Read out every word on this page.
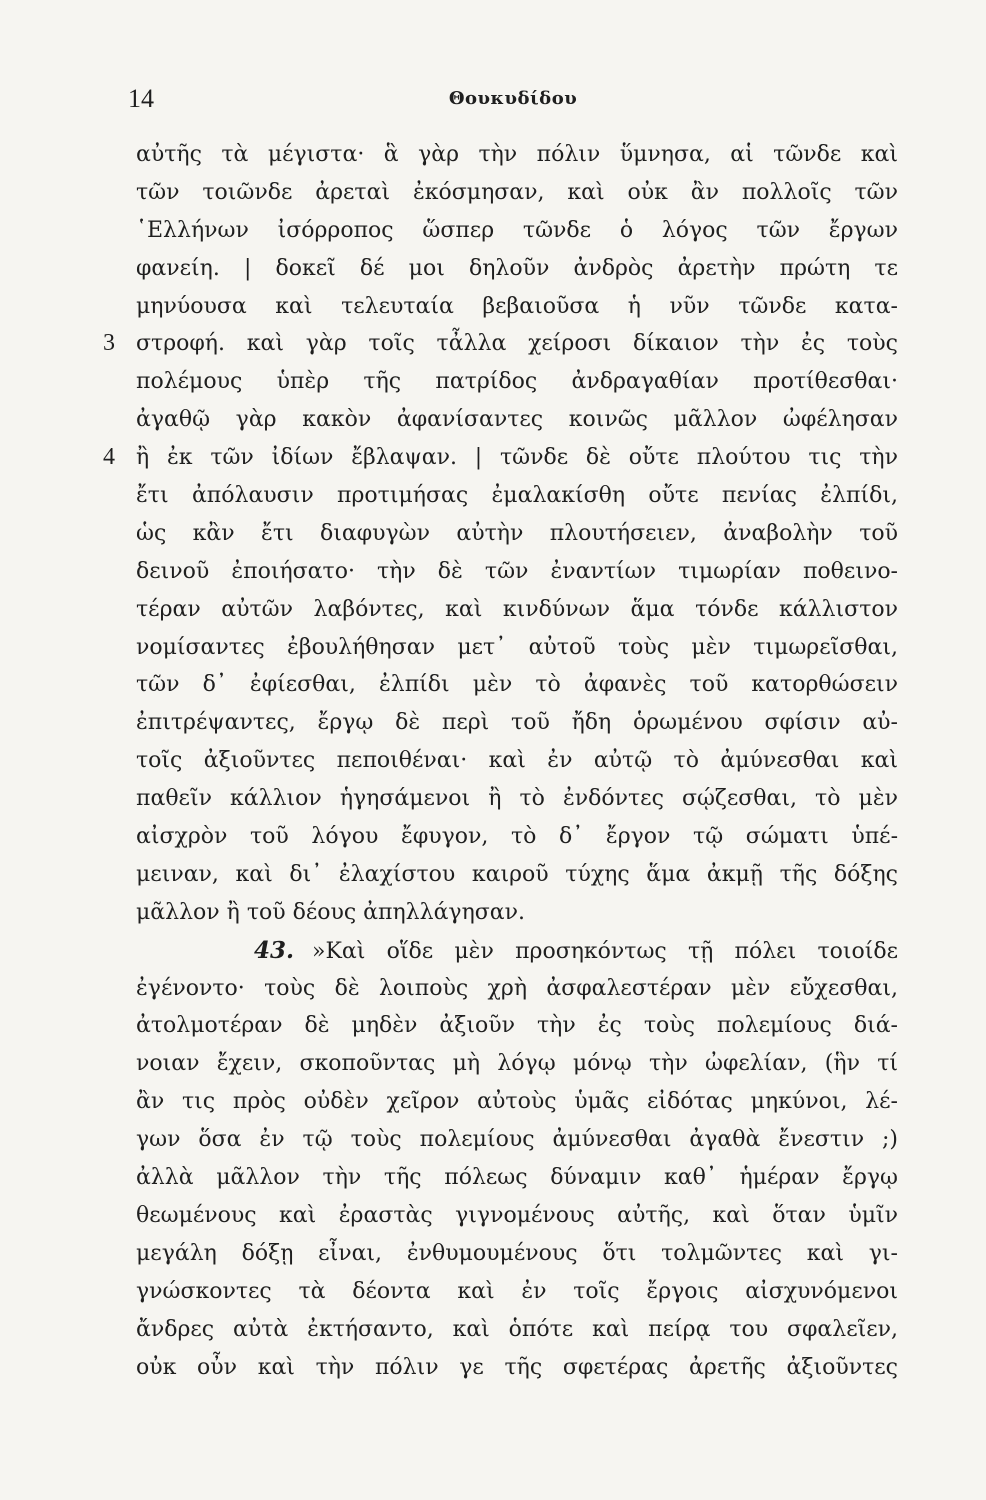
14	Θουκυδίδου
αὐτῆς τὰ μέγιστα· ἃ γὰρ τὴν πόλιν ὕμνησα, αἱ τῶνδε καὶ
τῶν τοιῶνδε ἀρεταὶ ἐκόσμησαν, καὶ οὐκ ἂν πολλοῖς τῶν
῾Ελλήνων ἰσόρροπος ὥσπερ τῶνδε ὁ λόγος τῶν ἔργων
φανείη. | δοκεῖ δέ μοι δηλοῦν ἀνδρὸς ἀρετὴν πρώτη τε
μηνύουσα καὶ τελευταία βεβαιοῦσα ἡ νῦν τῶνδε κατα-
3 στροφή. καὶ γὰρ τοῖς τἆλλα χείροσι δίκαιον τὴν ἐς τοὺς
πολέμους ὑπὲρ τῆς πατρίδος ἀνδραγαθίαν προτίθεσθαι·
ἀγαθῷ γὰρ κακὸν ἀφανίσαντες κοινῶς μᾶλλον ὠφέλησαν
4 ἢ ἐκ τῶν ἰδίων ἔβλαψαν. | τῶνδε δὲ οὔτε πλούτου τις τὴν
ἔτι ἀπόλαυσιν προτιμήσας ἐμαλακίσθη οὔτε πενίας ἐλπίδι,
ὡς κἂν ἔτι διαφυγὼν αὐτὴν πλουτήσειεν, ἀναβολὴν τοῦ
δεινοῦ ἐποιήσατο· τὴν δὲ τῶν ἐναντίων τιμωρίαν ποθεινο-
τέραν αὐτῶν λαβόντες, καὶ κινδύνων ἅμα τόνδε κάλλιστον
νομίσαντες ἐβουλήθησαν μετ᾽ αὐτοῦ τοὺς μὲν τιμωρεῖσθαι,
τῶν δ᾽ ἐφίεσθαι, ἐλπίδι μὲν τὸ ἀφανὲς τοῦ κατορθώσειν
ἐπιτρέψαντες, ἔργῳ δὲ περὶ τοῦ ἤδη ὁρωμένου σφίσιν αὐ-
τοῖς ἀξιοῦντες πεποιθέναι· καὶ ἐν αὐτῷ τὸ ἀμύνεσθαι καὶ
παθεῖν κάλλιον ἡγησάμενοι ἢ τὸ ἐνδόντες σῴζεσθαι, τὸ μὲν
αἰσχρὸν τοῦ λόγου ἔφυγον, τὸ δ᾽ ἔργον τῷ σώματι ὑπέ-
μειναν, καὶ δι᾽ ἐλαχίστου καιροῦ τύχης ἅμα ἀκμῇ τῆς δόξης
μᾶλλον ἢ τοῦ δέους ἀπηλλάγησαν.
43. »Καὶ οἵδε μὲν προσηκόντως τῇ πόλει τοιοίδε
ἐγένοντο· τοὺς δὲ λοιποὺς χρὴ ἀσφαλεστέραν μὲν εὔχεσθαι,
ἀτολμοτέραν δὲ μηδὲν ἀξιοῦν τὴν ἐς τοὺς πολεμίους διά-
νοιαν ἔχειν, σκοποῦντας μὴ λόγῳ μόνῳ τὴν ὠφελίαν, (ἣν τί
ἂν τις πρὸς οὐδὲν χεῖρον αὐτοὺς ὑμᾶς εἰδότας μηκύνοι, λέ-
γων ὅσα ἐν τῷ τοὺς πολεμίους ἀμύνεσθαι ἀγαθὰ ἔνεστιν ;)
ἀλλὰ μᾶλλον τὴν τῆς πόλεως δύναμιν καθ᾽ ἡμέραν ἔργῳ
θεωμένους καὶ ἐραστὰς γιγνομένους αὐτῆς, καὶ ὅταν ὑμῖν
μεγάλη δόξῃ εἶναι, ἐνθυμουμένους ὅτι τολμῶντες καὶ γι-
γνώσκοντες τὰ δέοντα καὶ ἐν τοῖς ἔργοις αἰσχυνόμενοι
ἄνδρες αὐτὰ ἐκτήσαντο, καὶ ὁπότε καὶ πείρᾳ του σφαλεῖεν,
οὐκ οὖν καὶ τὴν πόλιν γε τῆς σφετέρας ἀρετῆς ἀξιοῦντες
